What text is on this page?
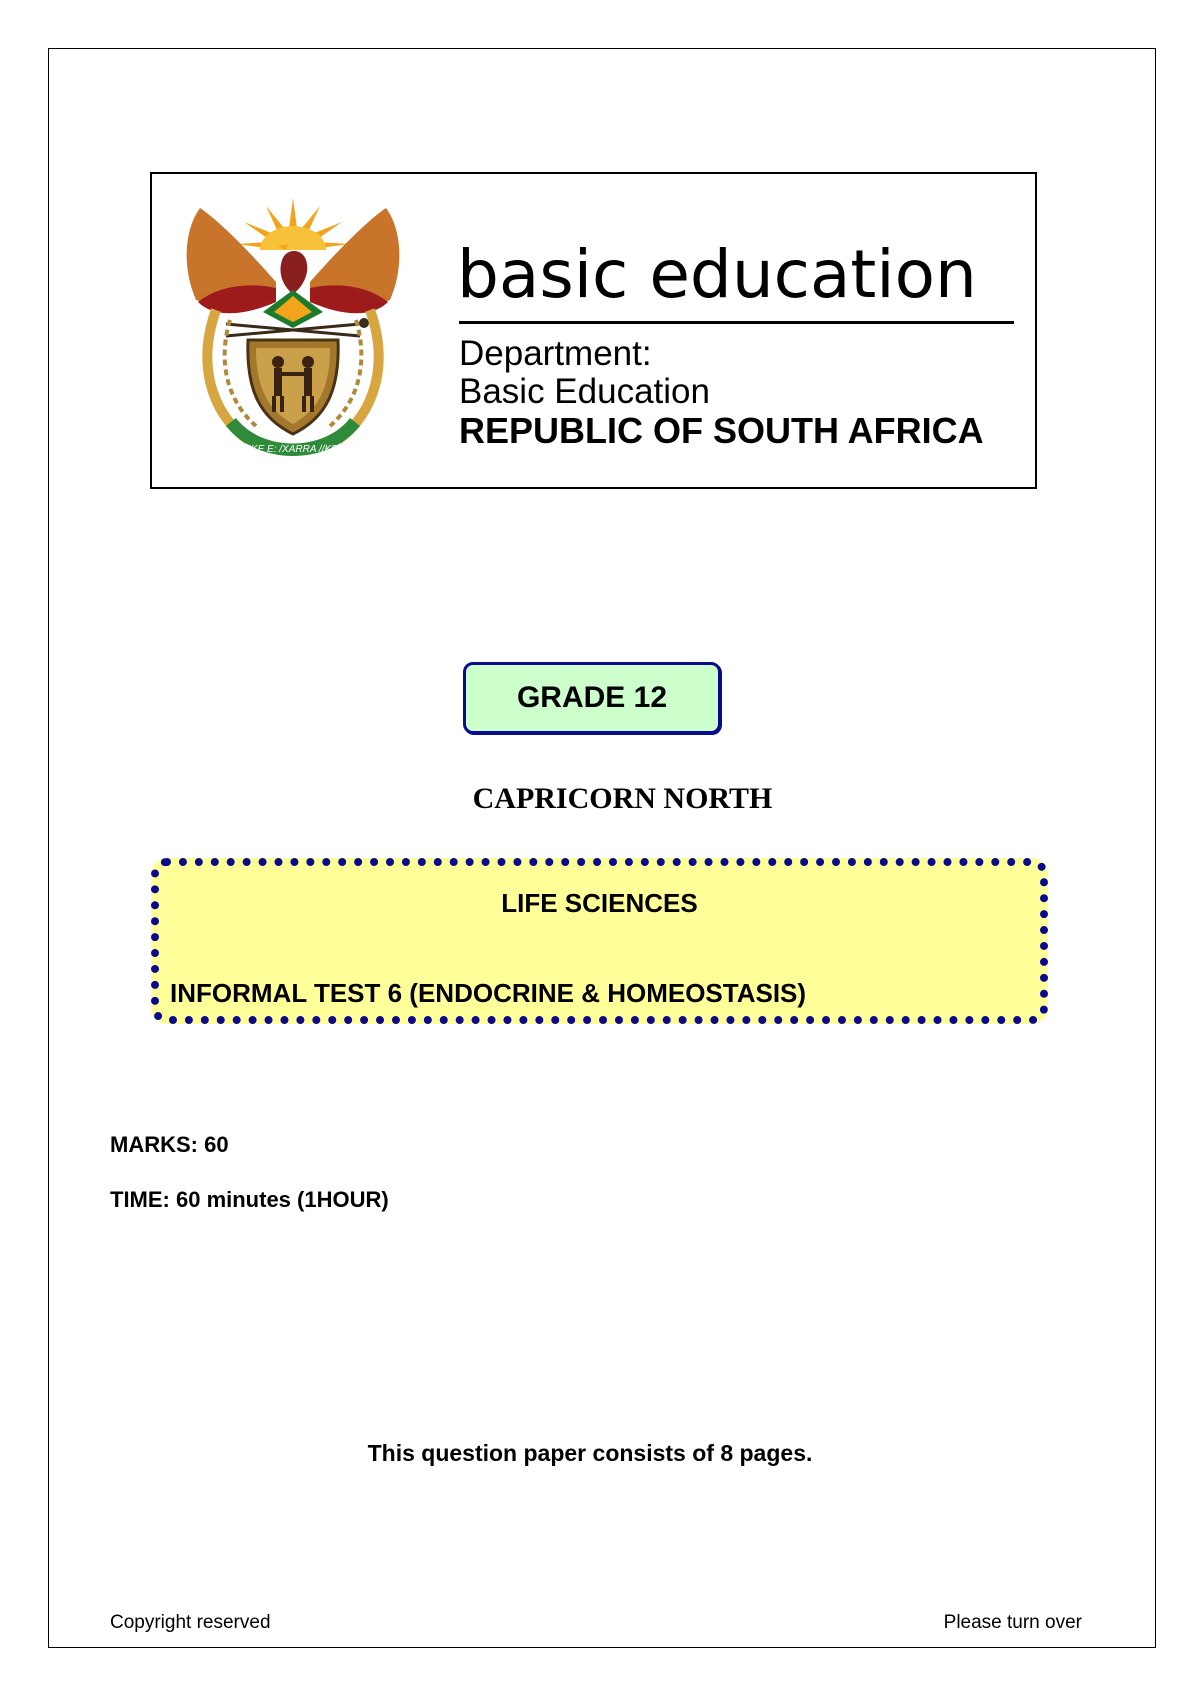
!KE E: /XARRA //KE
basic education
Department:
Basic Education
REPUBLIC OF SOUTH AFRICA
GRADE 12
CAPRICORN NORTH
LIFE SCIENCES
INFORMAL TEST 6 (ENDOCRINE & HOMEOSTASIS)
MARKS: 60
TIME: 60 minutes (1HOUR)
This question paper consists of 8 pages.
Copyright reserved	Please turn over
